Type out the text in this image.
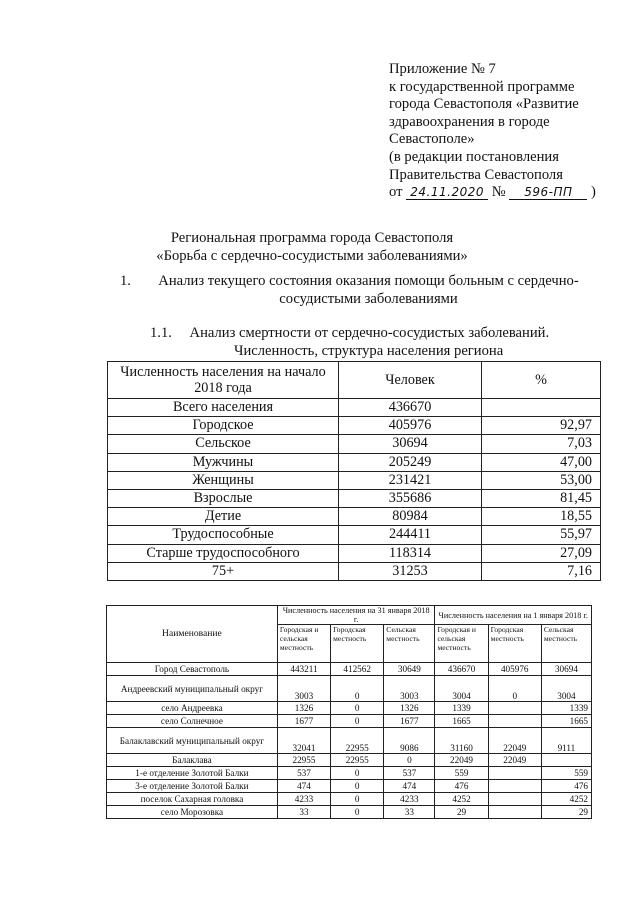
Приложение № 7
к государственной программе
города Севастополя «Развитие
здравоохранения в городе
Севастополе»
(в редакции постановления
Правительства Севастополя
от 24.11.2020 № 596-ПП )
Региональная программа города Севастополя
«Борьба с сердечно-сосудистыми заболеваниями»
1.	Анализ текущего состояния оказания помощи больным с сердечно-
сосудистыми заболеваниями
1.1. Анализ смертности от сердечно-сосудистых заболеваний.
Численность, структура населения региона
Численность населения на начало 2018 года	Человек	%
Всего населения	436670	
Городское	405976	92,97
Сельское	30694	7,03
Мужчины	205249	47,00
Женщины	231421	53,00
Взрослые	355686	81,45
Детие	80984	18,55
Трудоспособные	244411	55,97
Старше трудоспособного	118314	27,09
75+	31253	7,16
Наименование	Численность населения на 31 января 2018 г.			Численность населения на 1 января 2018 г.		
	Городская и сельская местность	Городская местность	Сельская местность	Городская и сельская местность	Городская местность	Сельская местность
Город Севастополь	443211	412562	30649	436670	405976	30694
Андреевский муниципальный округ	3003	0	3003	3004	0	3004
село Андреевка	1326	0	1326	1339		1339
село Солнечное	1677	0	1677	1665		1665
Балаклавский муниципальный округ	32041	22955	9086	31160	22049	9111
Балаклава	22955	22955	0	22049	22049	
1-е отделение Золотой Балки	537	0	537	559		559
3-е отделение Золотой Балки	474	0	474	476		476
поселок Сахарная головка	4233	0	4233	4252		4252
село Морозовка	33	0	33	29		29
